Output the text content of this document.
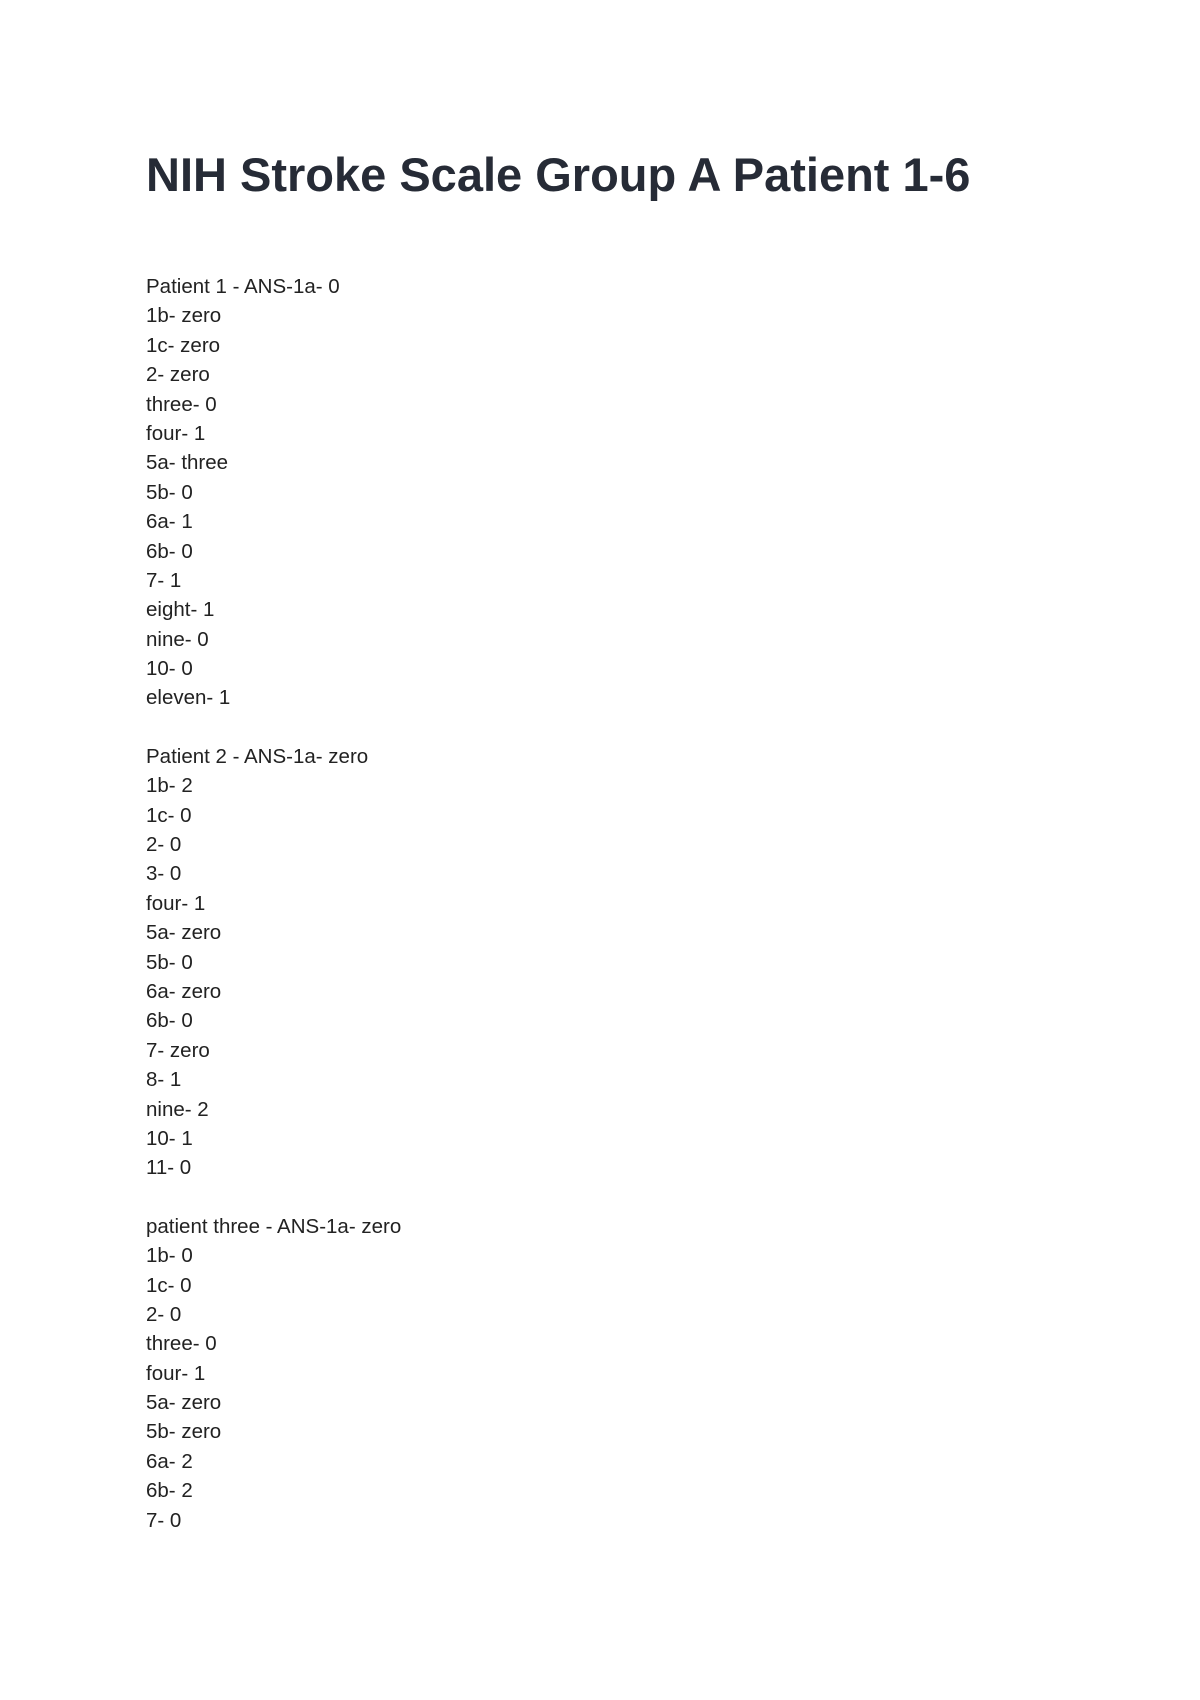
NIH Stroke Scale Group A Patient 1-6
Patient 1 - ANS-1a- 0
1b- zero
1c- zero
2- zero
three- 0
four- 1
5a- three
5b- 0
6a- 1
6b- 0
7- 1
eight- 1
nine- 0
10- 0
eleven- 1
Patient 2 - ANS-1a- zero
1b- 2
1c- 0
2- 0
3- 0
four- 1
5a- zero
5b- 0
6a- zero
6b- 0
7- zero
8- 1
nine- 2
10- 1
11- 0
patient three - ANS-1a- zero
1b- 0
1c- 0
2- 0
three- 0
four- 1
5a- zero
5b- zero
6a- 2
6b- 2
7- 0
